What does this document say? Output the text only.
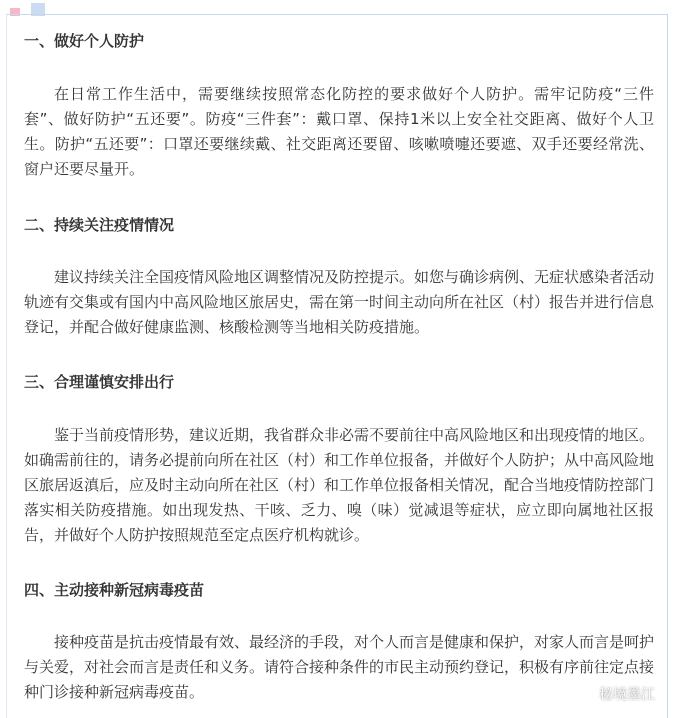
一、做好个人防护

在日常工作生活中，需要继续按照常态化防控的要求做好个人防护。需牢记防疫“三件套”、做好防护“五还要”。防疫“三件套”：戴口罩、保持1米以上安全社交距离、做好个人卫生。防护“五还要”：口罩还要继续戴、社交距离还要留、咳嗽喷嚏还要遮、双手还要经常洗、窗户还要尽量开。

二、持续关注疫情情况

建议持续关注全国疫情风险地区调整情况及防控提示。如您与确诊病例、无症状感染者活动轨迹有交集或有国内中高风险地区旅居史，需在第一时间主动向所在社区（村）报告并进行信息登记，并配合做好健康监测、核酸检测等当地相关防疫措施。

三、合理谨慎安排出行

鉴于当前疫情形势，建议近期，我省群众非必需不要前往中高风险地区和出现疫情的地区。如确需前往的，请务必提前向所在社区（村）和工作单位报备，并做好个人防护；从中高风险地区旅居返滇后，应及时主动向所在社区（村）和工作单位报备相关情况，配合当地疫情防控部门落实相关防疫措施。如出现发热、干咳、乏力、嗅（味）觉减退等症状，应立即向属地社区报告，并做好个人防护按照规范至定点医疗机构就诊。

四、主动接种新冠病毒疫苗

接种疫苗是抗击疫情最有效、最经济的手段，对个人而言是健康和保护，对家人而言是呵护与关爱，对社会而言是责任和义务。请符合接种条件的市民主动预约登记，积极有序前往定点接种门诊接种新冠病毒疫苗。	秘境墨江
